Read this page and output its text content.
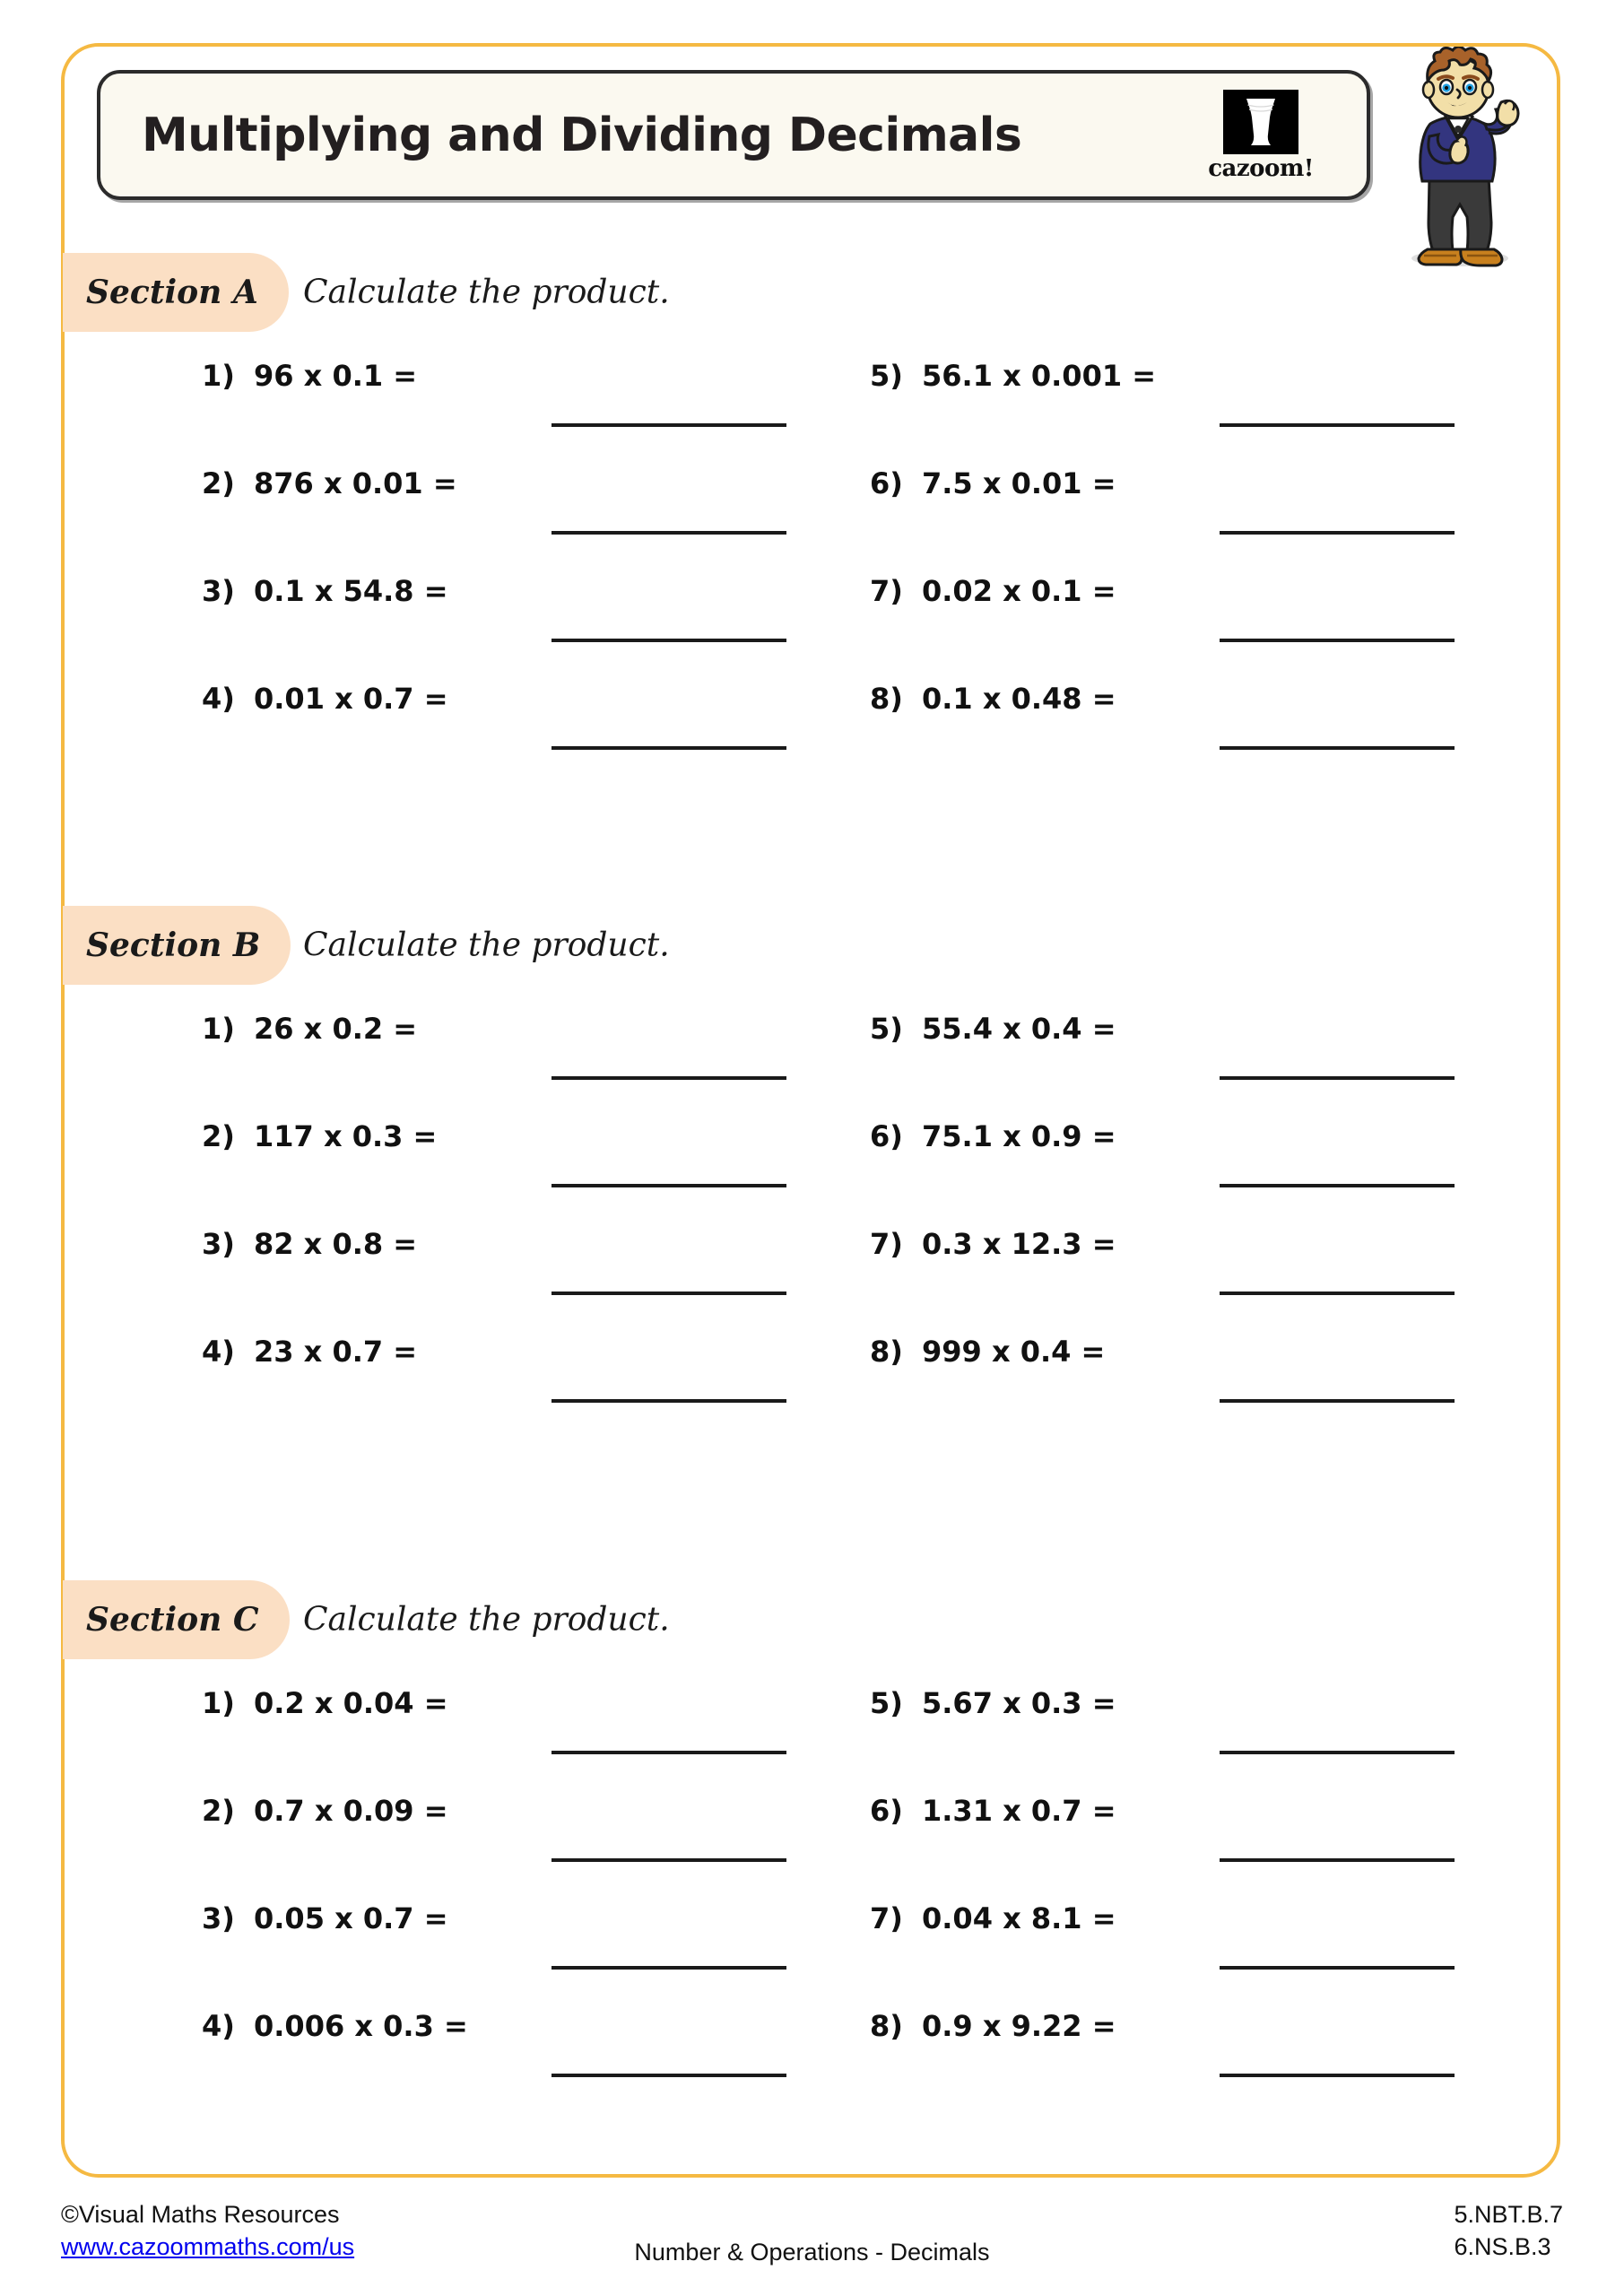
Multiplying and Dividing Decimals
cazoom!
Section A Calculate the product.
1) 96 x 0.1 =
2) 876 x 0.01 =
3) 0.1 x 54.8 =
4) 0.01 x 0.7 =
5) 56.1 x 0.001 =
6) 7.5 x 0.01 =
7) 0.02 x 0.1 =
8) 0.1 x 0.48 =
Section B Calculate the product.
1) 26 x 0.2 =
2) 117 x 0.3 =
3) 82 x 0.8 =
4) 23 x 0.7 =
5) 55.4 x 0.4 =
6) 75.1 x 0.9 =
7) 0.3 x 12.3 =
8) 999 x 0.4 =
Section C Calculate the product.
1) 0.2 x 0.04 =
2) 0.7 x 0.09 =
3) 0.05 x 0.7 =
4) 0.006 x 0.3 =
5) 5.67 x 0.3 =
6) 1.31 x 0.7 =
7) 0.04 x 8.1 =
8) 0.9 x 9.22 =
©Visual Maths Resources
www.cazoommaths.com/us	Number & Operations - Decimals
5.NBT.B.7
6.NS.B.3
